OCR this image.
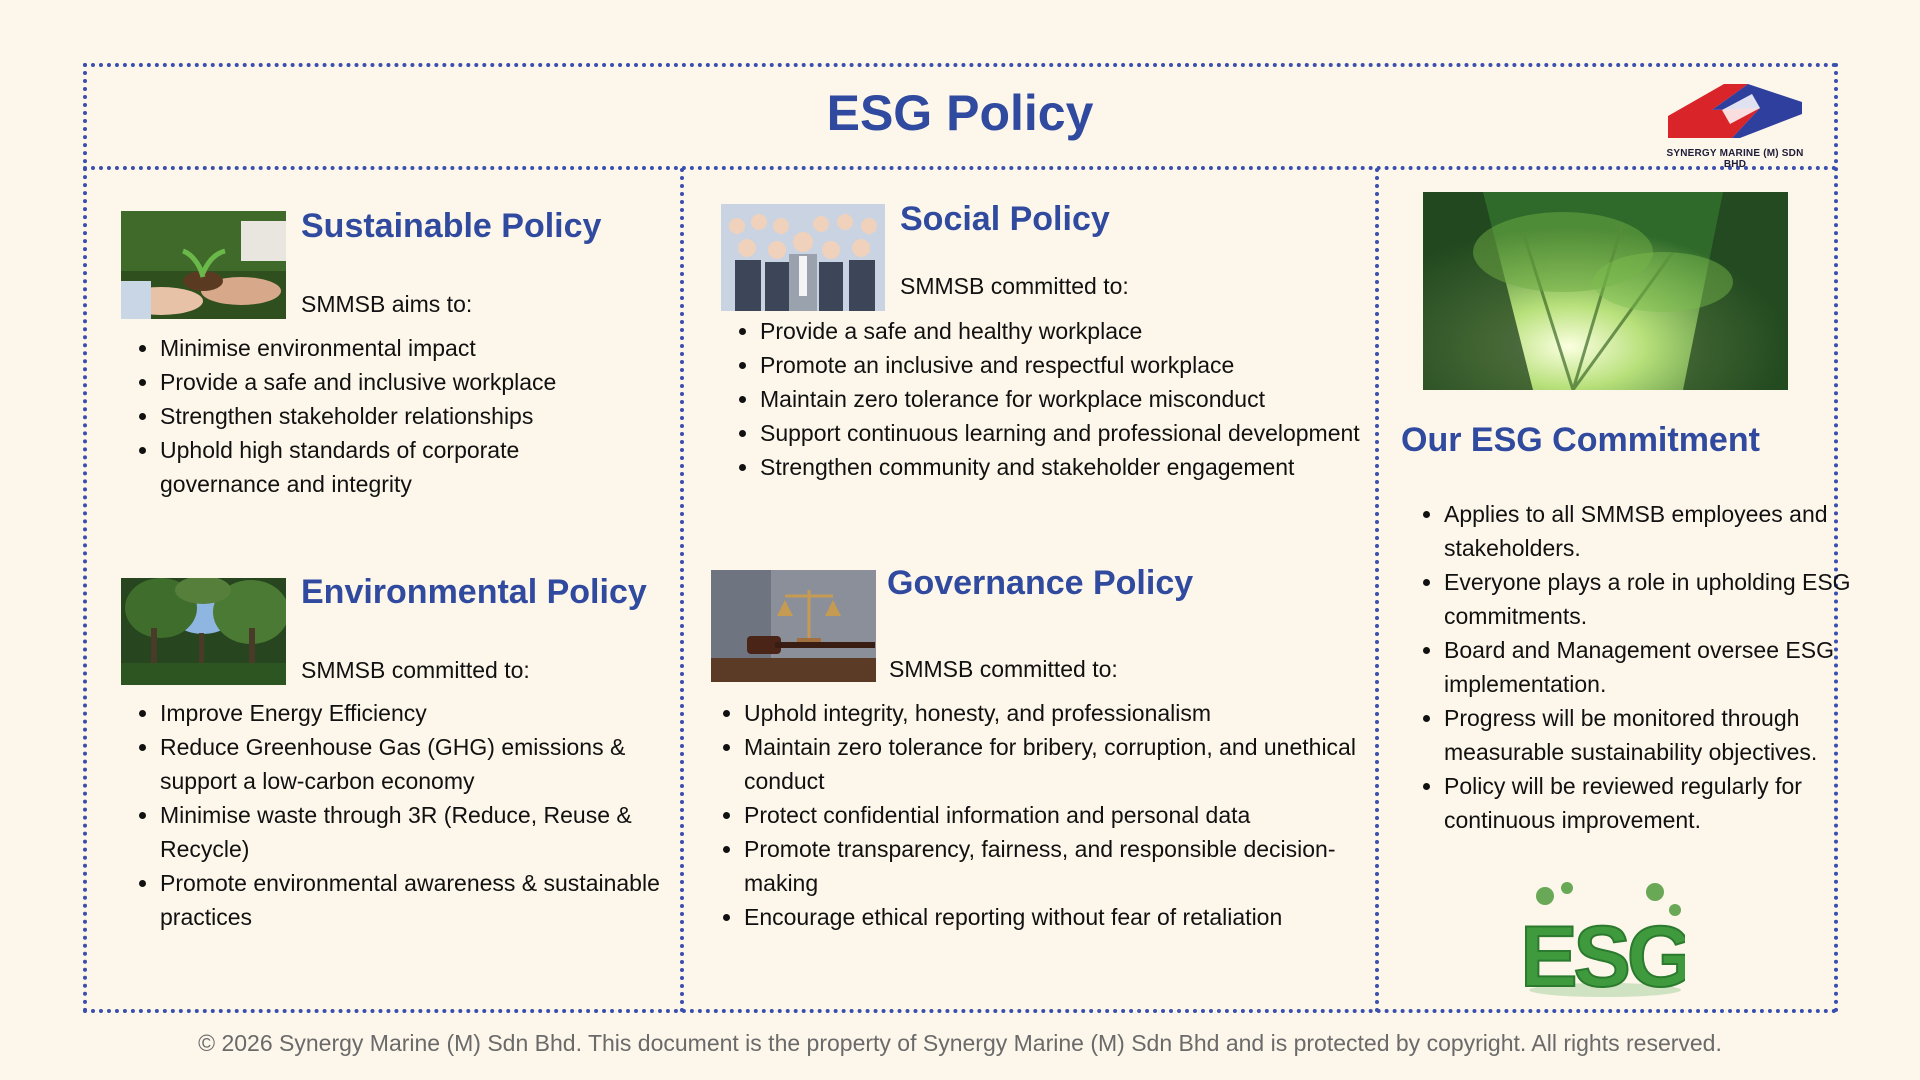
ESG Policy
SYNERGY MARINE (M) SDN BHD
Sustainable Policy

SMMSB aims to:

• Minimise environmental impact
• Provide a safe and inclusive workplace
• Strengthen stakeholder relationships
• Uphold high standards of corporate governance and integrity
Environmental Policy

SMMSB committed to:

• Improve Energy Efficiency
• Reduce Greenhouse Gas (GHG) emissions & support a low-carbon economy
• Minimise waste through 3R (Reduce, Reuse & Recycle)
• Promote environmental awareness & sustainable practices
Social Policy

SMMSB committed to:

• Provide a safe and healthy workplace
• Promote an inclusive and respectful workplace
• Maintain zero tolerance for workplace misconduct
• Support continuous learning and professional development
• Strengthen community and stakeholder engagement
Governance Policy

SMMSB committed to:

• Uphold integrity, honesty, and professionalism
• Maintain zero tolerance for bribery, corruption, and unethical conduct
• Protect confidential information and personal data
• Promote transparency, fairness, and responsible decision-making
• Encourage ethical reporting without fear of retaliation
Our ESG Commitment
• Applies to all SMMSB employees and stakeholders.
• Everyone plays a role in upholding ESG commitments.
• Board and Management oversee ESG implementation.
• Progress will be monitored through measurable sustainability objectives.
• Policy will be reviewed regularly for continuous improvement.
ESG

© 2026 Synergy Marine (M) Sdn Bhd. This document is the property of Synergy Marine (M) Sdn Bhd and is protected by copyright. All rights reserved.
